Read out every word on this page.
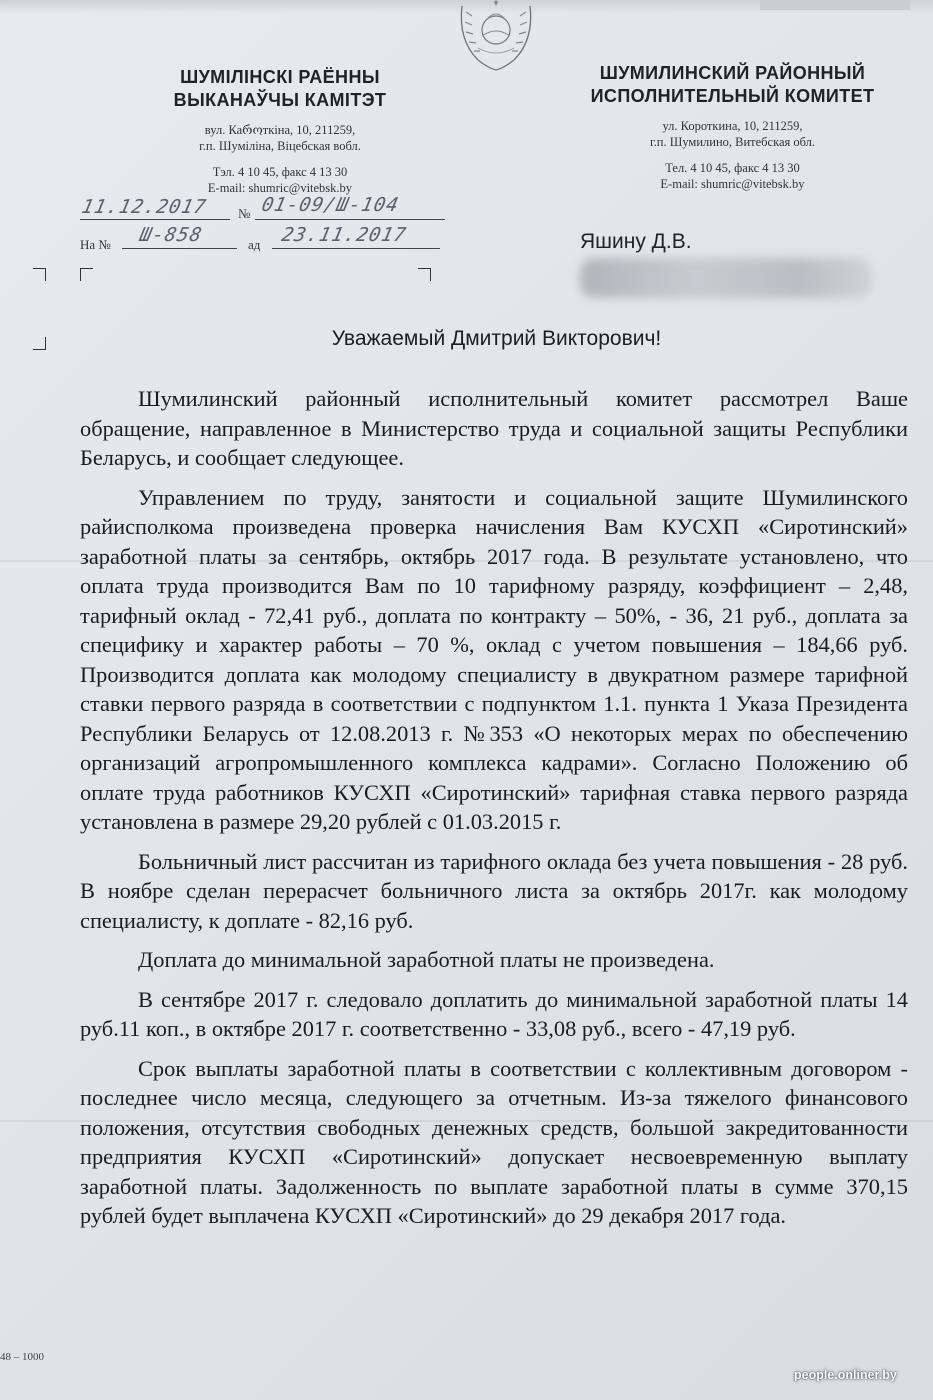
ШУМІЛІНСКІ РАЁННЫ

ВЫКАНАЎЧЫ КАМІТЭТ

вул. Каროткіна, 10, 211259,

г.п. Шуміліна, Віцебская вобл.

Тэл. 4 10 45, факс 4 13 30

E-mail: shumric@vitebsk.by

ШУМИЛИНСКИЙ РАЙОННЫЙ

ИСПОЛНИТЕЛЬНЫЙ КОМИТЕТ

ул. Короткина, 10, 211259,

г.п. Шумилино, Витебская обл.

Тел. 4 10 45, факс 4 13 30

E-mail: shumric@vitebsk.by

11.12.2017 № 01-09/Ш-104
На № Ш-858	ад 23.11.2017	Яшину Д.В.

Уважаемый Дмитрий Викторович!

Шумилинский районный исполнительный комитет рассмотрел Ваше обращение, направленное в Министерство труда и социальной защиты Республики Беларусь, и сообщает следующее.

Управлением по труду, занятости и социальной защите Шумилинского райисполкома произведена проверка начисления Вам КУСХП «Сиротинский» заработной платы за сентябрь, октябрь 2017 года. В результате установлено, что оплата труда производится Вам по 10 тарифному разряду, коэффициент – 2,48, тарифный оклад - 72,41 руб., доплата по контракту – 50%, - 36, 21 руб., доплата за специфику и характер работы – 70 %, оклад с учетом повышения – 184,66 руб. Производится доплата как молодому специалисту в двукратном размере тарифной ставки первого разряда в соответствии с подпунктом 1.1. пункта 1 Указа Президента Республики Беларусь от 12.08.2013 г. №353 «О некоторых мерах по обеспечению организаций агропромышленного комплекса кадрами». Согласно Положению об оплате труда работников КУСХП «Сиротинский» тарифная ставка первого разряда установлена в размере 29,20 рублей с 01.03.2015 г.

Больничный лист рассчитан из тарифного оклада без учета повышения - 28 руб. В ноябре сделан перерасчет больничного листа за октябрь 2017г. как молодому специалисту, к доплате - 82,16 руб.

Доплата до минимальной заработной платы не произведена.

В сентябре 2017 г. следовало доплатить до минимальной заработной платы 14 руб.11 коп., в октябре 2017 г. соответственно - 33,08 руб., всего - 47,19 руб.

Срок выплаты заработной платы в соответствии с коллективным договором - последнее число месяца, следующего за отчетным. Из-за тяжелого финансового положения, отсутствия свободных денежных средств, большой закредитованности предприятия КУСХП «Сиротинский» допускает несвоевременную выплату заработной платы. Задолженность по выплате заработной платы в сумме 370,15 рублей будет выплачена КУСХП «Сиротинский» до 29 декабря 2017 года.

48 – 1000
people.onliner.by
